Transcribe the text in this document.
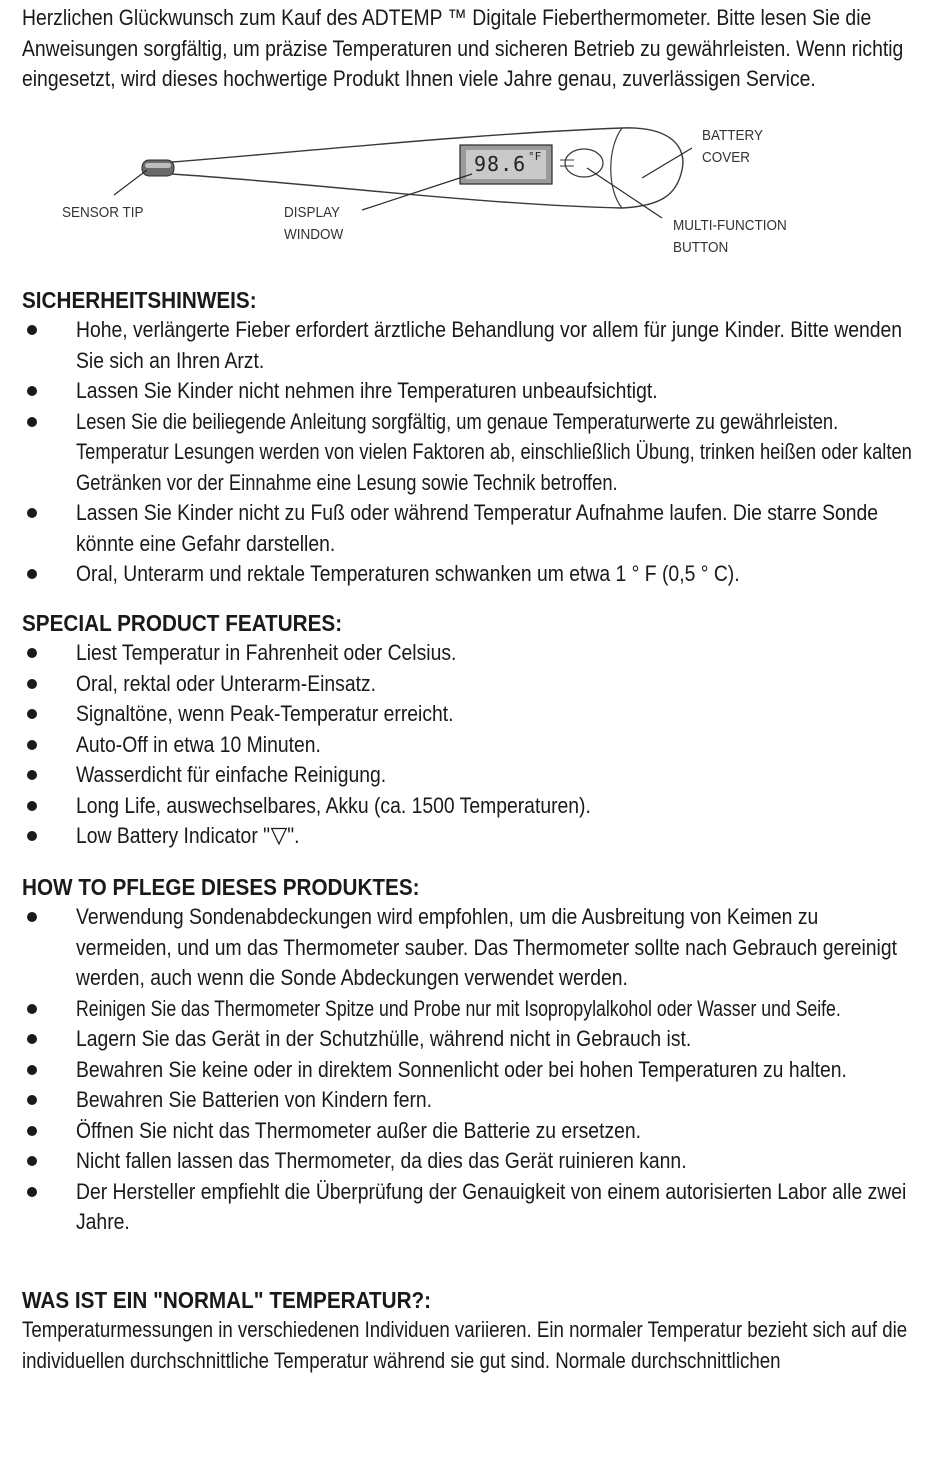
Herzlichen Glückwunsch zum Kauf des ADTEMP ™ Digitale Fieberthermometer. Bitte lesen Sie die Anweisungen sorgfältig, um präzise Temperaturen und sicheren Betrieb zu gewährleisten. Wenn richtig eingesetzt, wird dieses hochwertige Produkt Ihnen viele Jahre genau, zuverlässigen Service.

98.6 °F
BATTERY
COVER
SENSOR TIP	DISPLAY
WINDOW
MULTI-FUNCTION
BUTTON
SICHERHEITSHINWEIS:
Hohe, verlängerte Fieber erfordert ärztliche Behandlung vor allem für junge Kinder. Bitte wenden Sie sich an Ihren Arzt.
Lassen Sie Kinder nicht nehmen ihre Temperaturen unbeaufsichtigt.
Lesen Sie die beiliegende Anleitung sorgfältig, um genaue Temperaturwerte zu gewährleisten. Temperatur Lesungen werden von vielen Faktoren ab, einschließlich Übung, trinken heißen oder kalten Getränken vor der Einnahme eine Lesung sowie Technik betroffen.
Lassen Sie Kinder nicht zu Fuß oder während Temperatur Aufnahme laufen. Die starre Sonde könnte eine Gefahr darstellen.
Oral, Unterarm und rektale Temperaturen schwanken um etwa 1 ° F (0,5 ° C).
SPECIAL PRODUCT FEATURES:
Liest Temperatur in Fahrenheit oder Celsius.
Oral, rektal oder Unterarm-Einsatz.
Signaltöne, wenn Peak-Temperatur erreicht.
Auto-Off in etwa 10 Minuten.
Wasserdicht für einfache Reinigung.
Long Life, auswechselbares, Akku (ca. 1500 Temperaturen).
Low Battery Indicator " ".
HOW TO PFLEGE DIESES PRODUKTES:
Verwendung Sondenabdeckungen wird empfohlen, um die Ausbreitung von Keimen zu vermeiden, und um das Thermometer sauber. Das Thermometer sollte nach Gebrauch gereinigt werden, auch wenn die Sonde Abdeckungen verwendet werden.
Reinigen Sie das Thermometer Spitze und Probe nur mit Isopropylalkohol oder Wasser und Seife.
Lagern Sie das Gerät in der Schutzhülle, während nicht in Gebrauch ist.
Bewahren Sie keine oder in direktem Sonnenlicht oder bei hohen Temperaturen zu halten.
Bewahren Sie Batterien von Kindern fern.
Öffnen Sie nicht das Thermometer außer die Batterie zu ersetzen.
Nicht fallen lassen das Thermometer, da dies das Gerät ruinieren kann.
Der Hersteller empfiehlt die Überprüfung der Genauigkeit von einem autorisierten Labor alle zwei Jahre.
WAS IST EIN "NORMAL" TEMPERATUR?:

Temperaturmessungen in verschiedenen Individuen variieren. Ein normaler Temperatur bezieht sich auf die individuellen durchschnittliche Temperatur während sie gut sind. Normale durchschnittlichen
